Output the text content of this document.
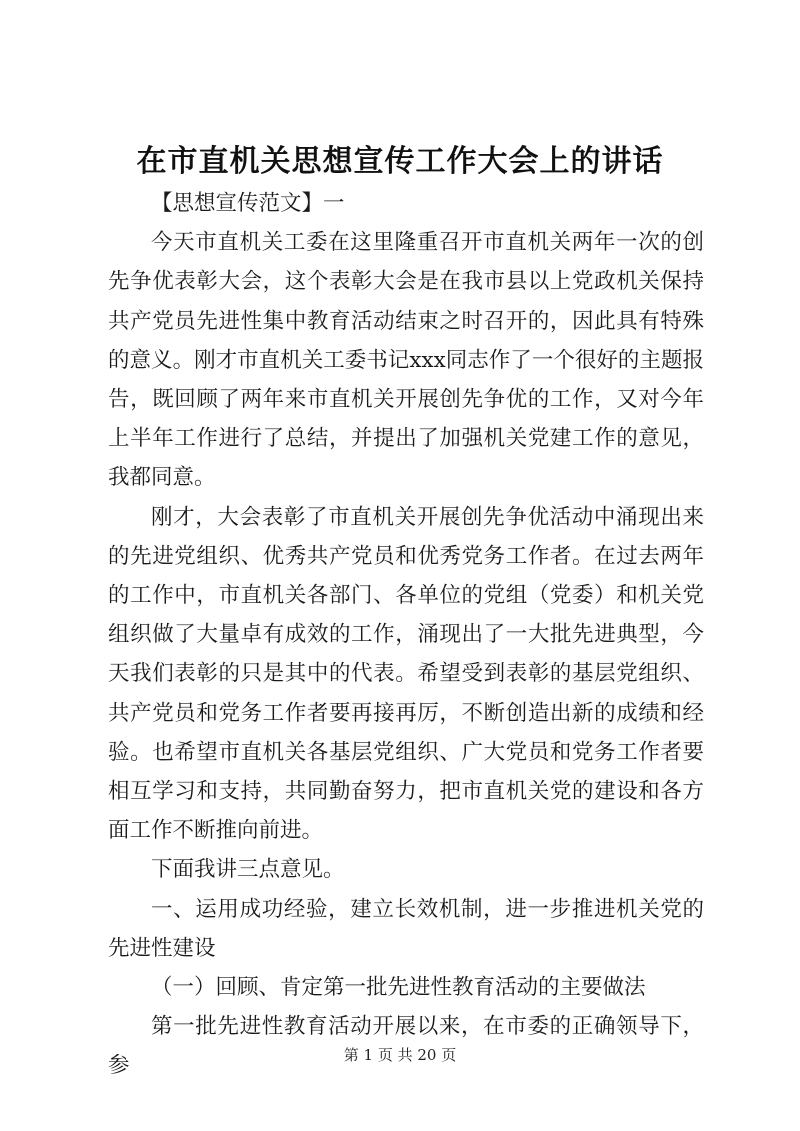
在市直机关思想宣传工作大会上的讲话

【思想宣传范文】一

今天市直机关工委在这里隆重召开市直机关两年一次的创先争优表彰大会，这个表彰大会是在我市县以上党政机关保持共产党员先进性集中教育活动结束之时召开的，因此具有特殊的意义。刚才市直机关工委书记xxx同志作了一个很好的主题报告，既回顾了两年来市直机关开展创先争优的工作，又对今年上半年工作进行了总结，并提出了加强机关党建工作的意见，我都同意。

刚才，大会表彰了市直机关开展创先争优活动中涌现出来的先进党组织、优秀共产党员和优秀党务工作者。在过去两年的工作中，市直机关各部门、各单位的党组（党委）和机关党组织做了大量卓有成效的工作，涌现出了一大批先进典型，今天我们表彰的只是其中的代表。希望受到表彰的基层党组织、共产党员和党务工作者要再接再厉，不断创造出新的成绩和经验。也希望市直机关各基层党组织、广大党员和党务工作者要相互学习和支持，共同勤奋努力，把市直机关党的建设和各方面工作不断推向前进。

下面我讲三点意见。

一、运用成功经验，建立长效机制，进一步推进机关党的先进性建设

（一）回顾、肯定第一批先进性教育活动的主要做法

第一批先进性教育活动开展以来，在市委的正确领导下，参	第 1 页 共 20 页
